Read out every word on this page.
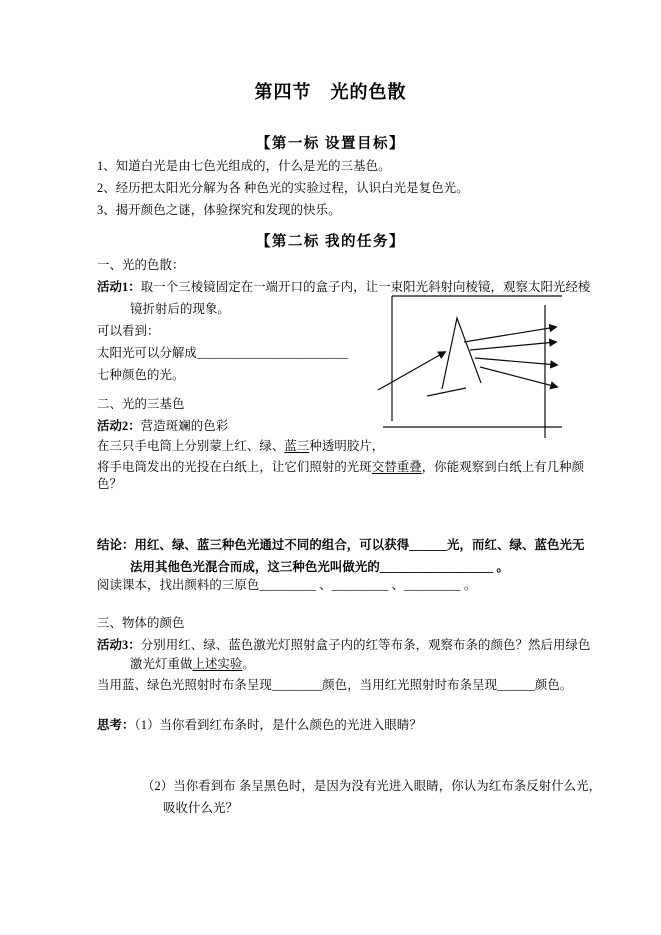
第四节　光的色散
【第一标 设置目标】
1、知道白光是由七色光组成的，什么是光的三基色。
2、经历把太阳光分解为各 种色光的实验过程，认识白光是复色光。
3、揭开颜色之谜，体验探究和发现的快乐。
【第二标 我的任务】
一、光的色散：
活动1：取一个三棱镜固定在一端开口的盒子内，让一束阳光斜射向棱镜，观察太阳光经棱
镜折射后的现象。
可以看到：
太阳光可以分解成________________________
七种颜色的光。
二、光的三基色
活动2：营造斑斓的色彩
在三只手电筒上分别蒙上红、绿、蓝三种透明胶片，
将手电筒发出的光投在白纸上，让它们照射的光斑交替重叠，你能观察到白纸上有几种颜
色？
结论：用红、绿、蓝三种色光通过不同的组合，可以获得______光，而红、绿、蓝色光无
法用其他色光混合而成，这三种色光叫做光的__________________ 。
阅读课本，找出颜料的三原色_________ 、_________ 、_________ 。
三、物体的颜色
活动3：分别用红、绿、蓝色激光灯照射盒子内的红等布条，观察布条的颜色？然后用绿色
激光灯重做上述实验。
当用蓝、绿色光照射时布条呈现________颜色，当用红光照射时布条呈现______颜色。
思考：（1）当你看到红布条时，是什么颜色的光进入眼睛？
（2）当你看到布 条呈黑色时，是因为没有光进入眼睛，你认为红布条反射什么光，
吸收什么光？
